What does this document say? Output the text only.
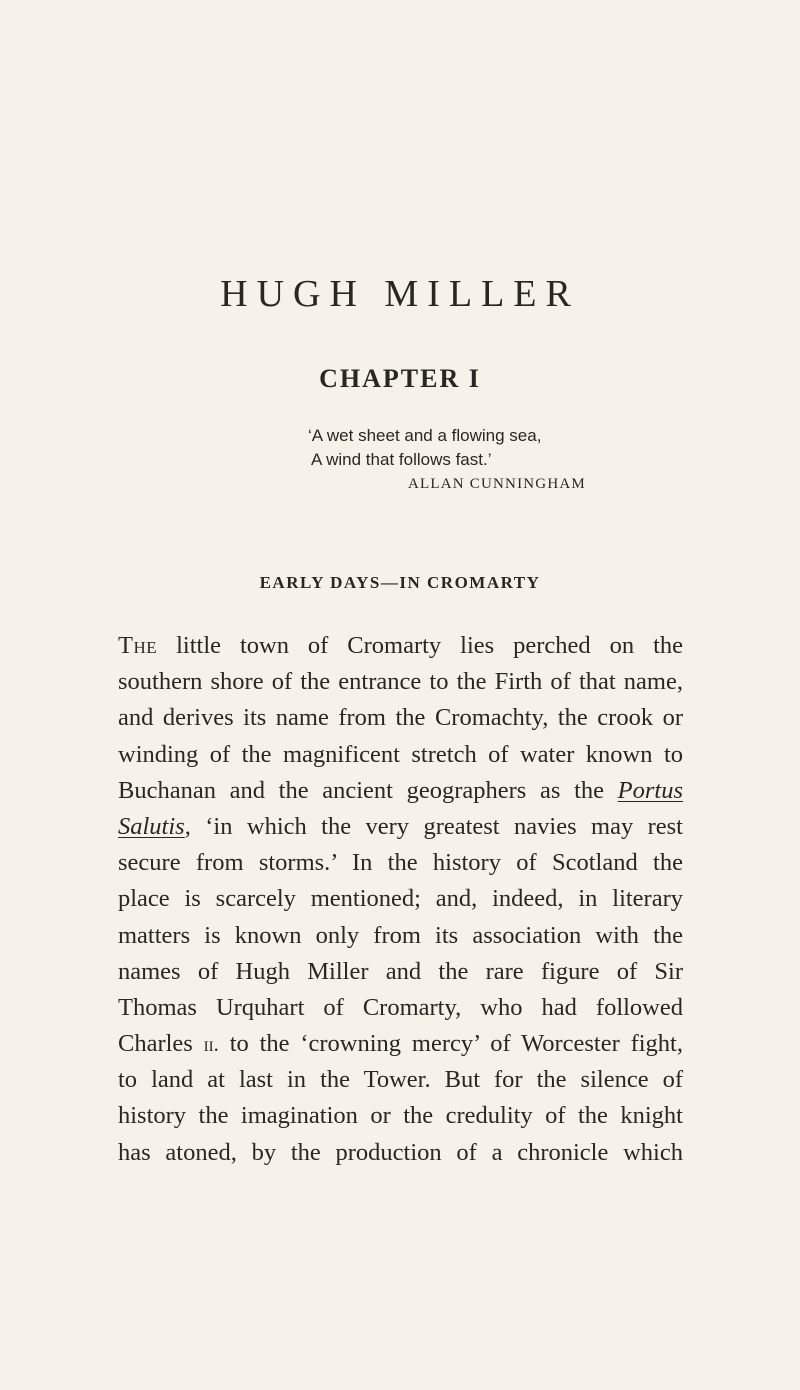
HUGH MILLER
CHAPTER I
‘A wet sheet and a flowing sea,
A wind that follows fast.’
ALLAN CUNNINGHAM
EARLY DAYS—IN CROMARTY
The little town of Cromarty lies perched on the
southern shore of the entrance to the Firth of that name,
and derives its name from the Cromachty, the crook or
winding of the magnificent stretch of water known to
Buchanan and the ancient geographers as the Portus
Salutis, ‘in which the very greatest navies may rest
secure from storms.’ In the history of Scotland the
place is scarcely mentioned; and, indeed, in literary
matters is known only from its association with the
names of Hugh Miller and the rare figure of Sir
Thomas Urquhart of Cromarty, who had followed
Charles ii. to the ‘crowning mercy’ of Worcester fight,
to land at last in the Tower. But for the silence of
history the imagination or the credulity of the knight
has atoned, by the production of a chronicle which
